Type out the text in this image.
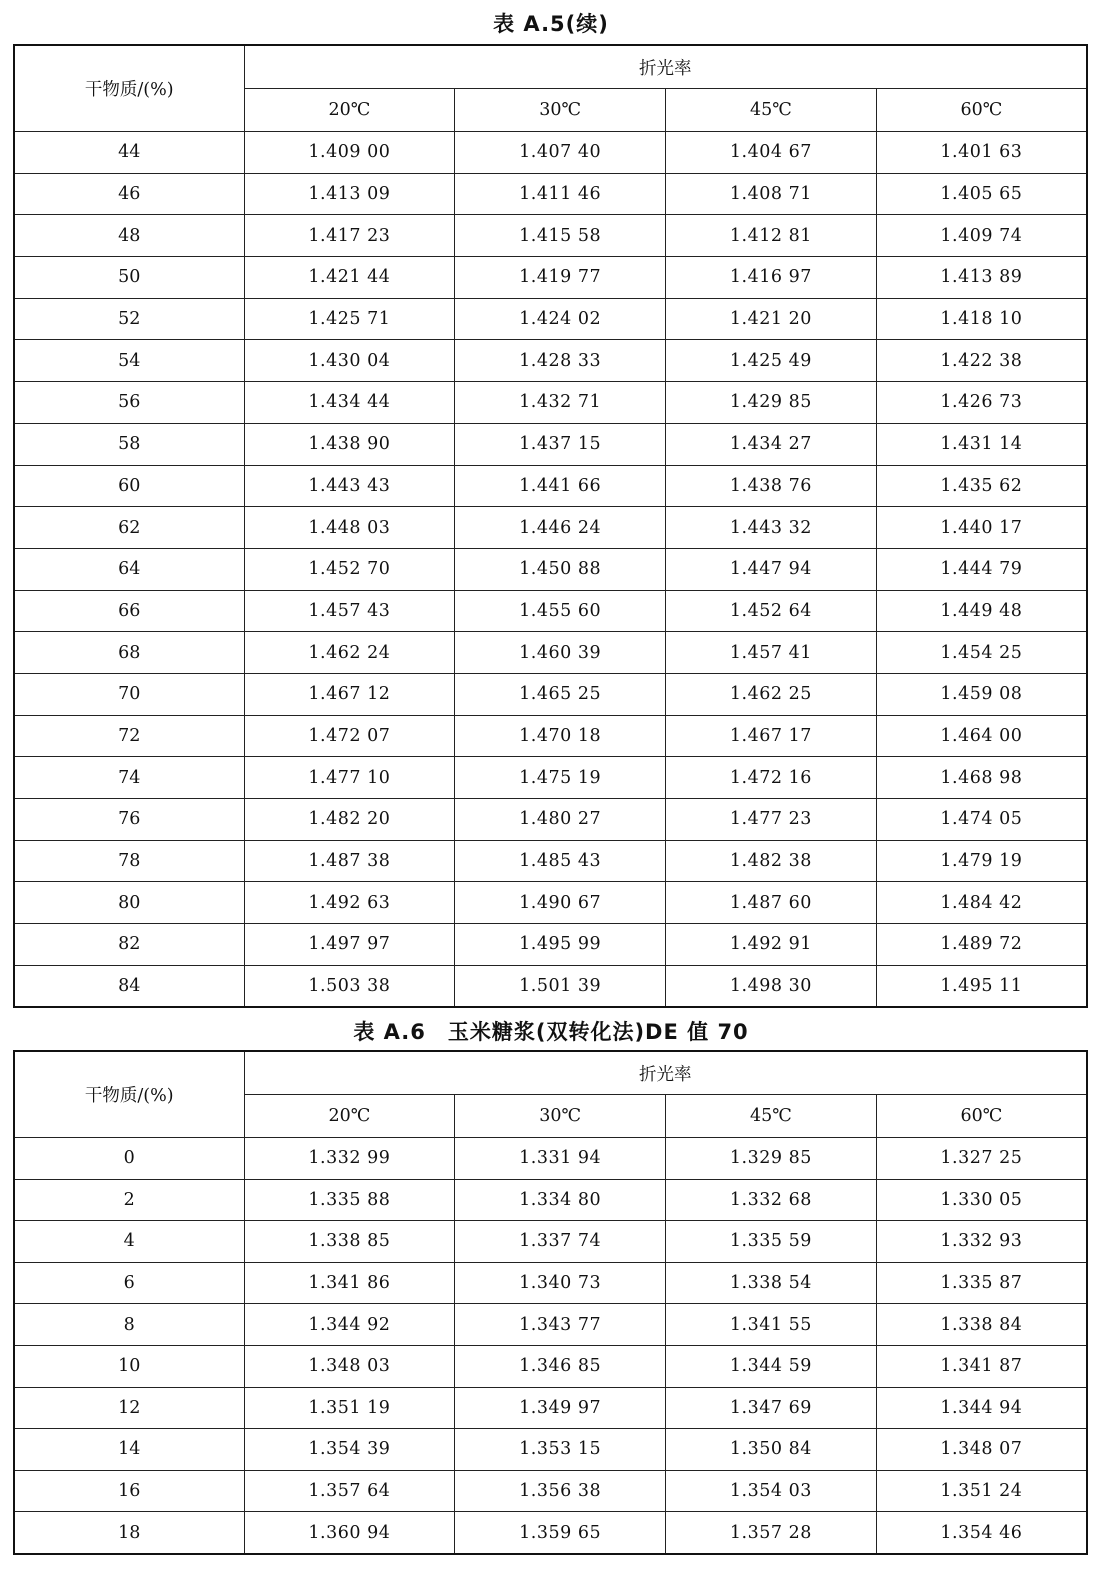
表 A.5(续)
干物质/(%)	折光率			
	20℃	30℃	45℃	60℃
44	1.409 00	1.407 40	1.404 67	1.401 63
46	1.413 09	1.411 46	1.408 71	1.405 65
48	1.417 23	1.415 58	1.412 81	1.409 74
50	1.421 44	1.419 77	1.416 97	1.413 89
52	1.425 71	1.424 02	1.421 20	1.418 10
54	1.430 04	1.428 33	1.425 49	1.422 38
56	1.434 44	1.432 71	1.429 85	1.426 73
58	1.438 90	1.437 15	1.434 27	1.431 14
60	1.443 43	1.441 66	1.438 76	1.435 62
62	1.448 03	1.446 24	1.443 32	1.440 17
64	1.452 70	1.450 88	1.447 94	1.444 79
66	1.457 43	1.455 60	1.452 64	1.449 48
68	1.462 24	1.460 39	1.457 41	1.454 25
70	1.467 12	1.465 25	1.462 25	1.459 08
72	1.472 07	1.470 18	1.467 17	1.464 00
74	1.477 10	1.475 19	1.472 16	1.468 98
76	1.482 20	1.480 27	1.477 23	1.474 05
78	1.487 38	1.485 43	1.482 38	1.479 19
80	1.492 63	1.490 67	1.487 60	1.484 42
82	1.497 97	1.495 99	1.492 91	1.489 72
84	1.503 38	1.501 39	1.498 30	1.495 11
表 A.6　玉米糖浆(双转化法)DE 值 70
干物质/(%)	折光率			
	20℃	30℃	45℃	60℃
0	1.332 99	1.331 94	1.329 85	1.327 25
2	1.335 88	1.334 80	1.332 68	1.330 05
4	1.338 85	1.337 74	1.335 59	1.332 93
6	1.341 86	1.340 73	1.338 54	1.335 87
8	1.344 92	1.343 77	1.341 55	1.338 84
10	1.348 03	1.346 85	1.344 59	1.341 87
12	1.351 19	1.349 97	1.347 69	1.344 94
14	1.354 39	1.353 15	1.350 84	1.348 07
16	1.357 64	1.356 38	1.354 03	1.351 24
18	1.360 94	1.359 65	1.357 28	1.354 46
